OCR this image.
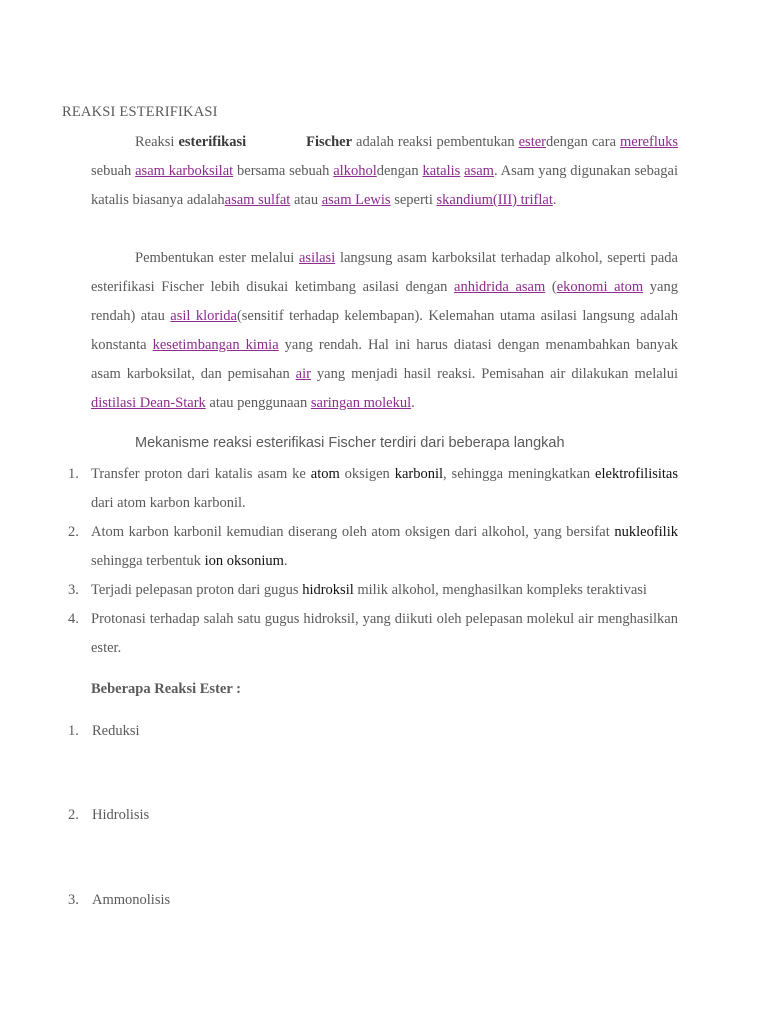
REAKSI ESTERIFIKASI
Reaksi esterifikasi	Fischer adalah reaksi pembentukan esterdengan cara merefluks sebuah asam karboksilat bersama sebuah alkoholdengan katalis asam. Asam yang digunakan sebagai katalis biasanya adalahasam sulfat atau asam Lewis seperti skandium(III) triflat.
Pembentukan ester melalui asilasi langsung asam karboksilat terhadap alkohol, seperti pada esterifikasi Fischer lebih disukai ketimbang asilasi dengan anhidrida asam (ekonomi atom yang rendah) atau asil klorida(sensitif terhadap kelembapan). Kelemahan utama asilasi langsung adalah konstanta kesetimbangan kimia yang rendah. Hal ini harus diatasi dengan menambahkan banyak asam karboksilat, dan pemisahan air yang menjadi hasil reaksi. Pemisahan air dilakukan melalui distilasi Dean-Stark atau penggunaan saringan molekul.
Mekanisme reaksi esterifikasi Fischer terdiri dari beberapa langkah
1. Transfer proton dari katalis asam ke atom oksigen karbonil, sehingga meningkatkan elektrofilisitas dari atom karbon karbonil.
2. Atom karbon karbonil kemudian diserang oleh atom oksigen dari alkohol, yang bersifat nukleofilik sehingga terbentuk ion oksonium.
3. Terjadi pelepasan proton dari gugus hidroksil milik alkohol, menghasilkan kompleks teraktivasi
4. Protonasi terhadap salah satu gugus hidroksil, yang diikuti oleh pelepasan molekul air menghasilkan ester.
Beberapa Reaksi Ester :
1. Reduksi
2. Hidrolisis
3. Ammonolisis
